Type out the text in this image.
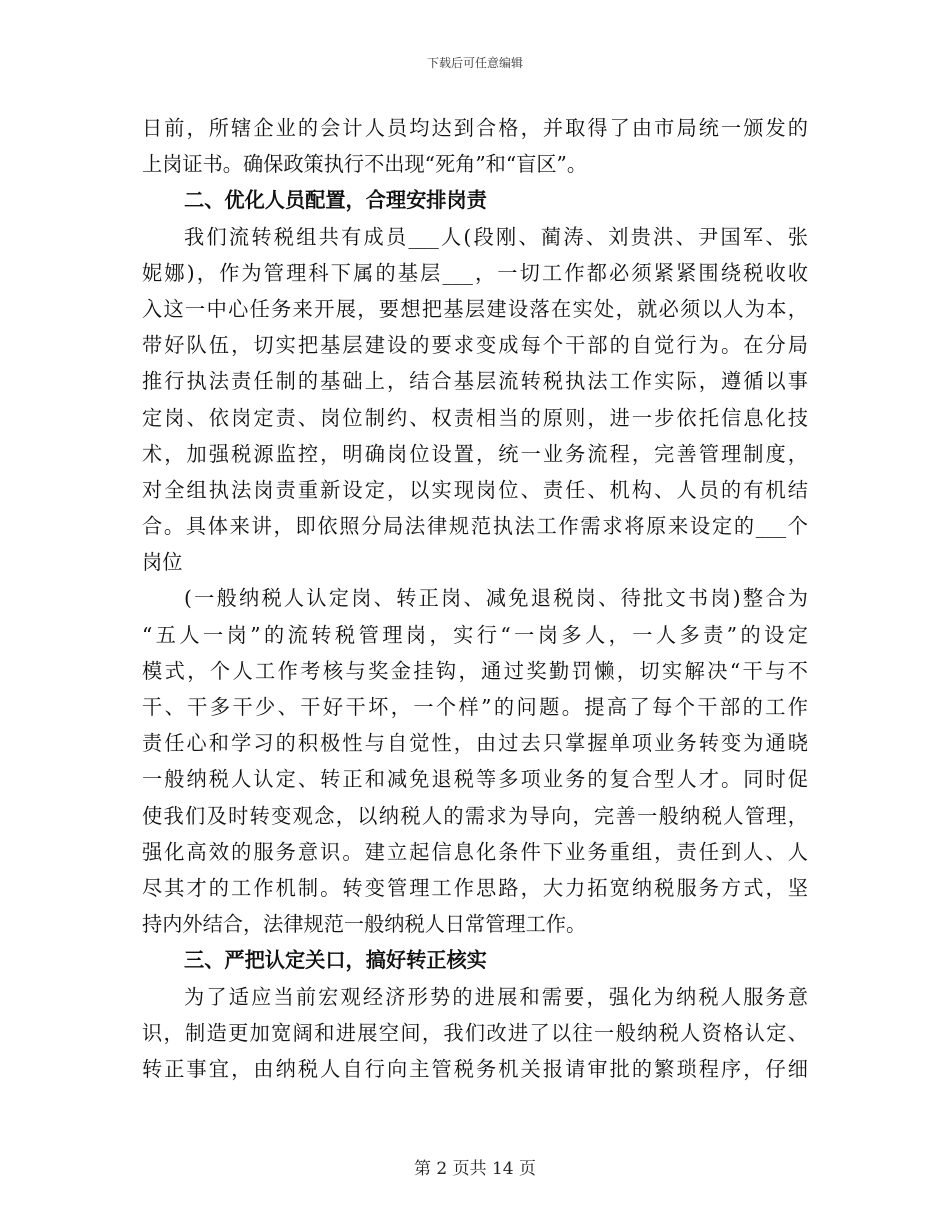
下载后可任意编辑
日前，所辖企业的会计人员均达到合格，并取得了由市局统一颁发的
上岗证书。确保政策执行不出现“死角”和“盲区”。
二、优化人员配置，合理安排岗责
我们流转税组共有成员___人(段刚、蔺涛、刘贵洪、尹国军、张
妮娜)，作为管理科下属的基层___，一切工作都必须紧紧围绕税收收
入这一中心任务来开展，要想把基层建设落在实处，就必须以人为本，
带好队伍，切实把基层建设的要求变成每个干部的自觉行为。在分局
推行执法责任制的基础上，结合基层流转税执法工作实际，遵循以事
定岗、依岗定责、岗位制约、权责相当的原则，进一步依托信息化技
术，加强税源监控，明确岗位设置，统一业务流程，完善管理制度，
对全组执法岗责重新设定，以实现岗位、责任、机构、人员的有机结
合。具体来讲，即依照分局法律规范执法工作需求将原来设定的___个
岗位
(一般纳税人认定岗、转正岗、减免退税岗、待批文书岗)整合为
“五人一岗”的流转税管理岗，实行“一岗多人，一人多责”的设定
模式，个人工作考核与奖金挂钩，通过奖勤罚懒，切实解决“干与不
干、干多干少、干好干坏，一个样”的问题。提高了每个干部的工作
责任心和学习的积极性与自觉性，由过去只掌握单项业务转变为通晓
一般纳税人认定、转正和减免退税等多项业务的复合型人才。同时促
使我们及时转变观念，以纳税人的需求为导向，完善一般纳税人管理，
强化高效的服务意识。建立起信息化条件下业务重组，责任到人、人
尽其才的工作机制。转变管理工作思路，大力拓宽纳税服务方式，坚
持内外结合，法律规范一般纳税人日常管理工作。
三、严把认定关口，搞好转正核实
为了适应当前宏观经济形势的进展和需要，强化为纳税人服务意
识，制造更加宽阔和进展空间，我们改进了以往一般纳税人资格认定、
转正事宜，由纳税人自行向主管税务机关报请审批的繁琐程序，仔细
第 2 页共 14 页
